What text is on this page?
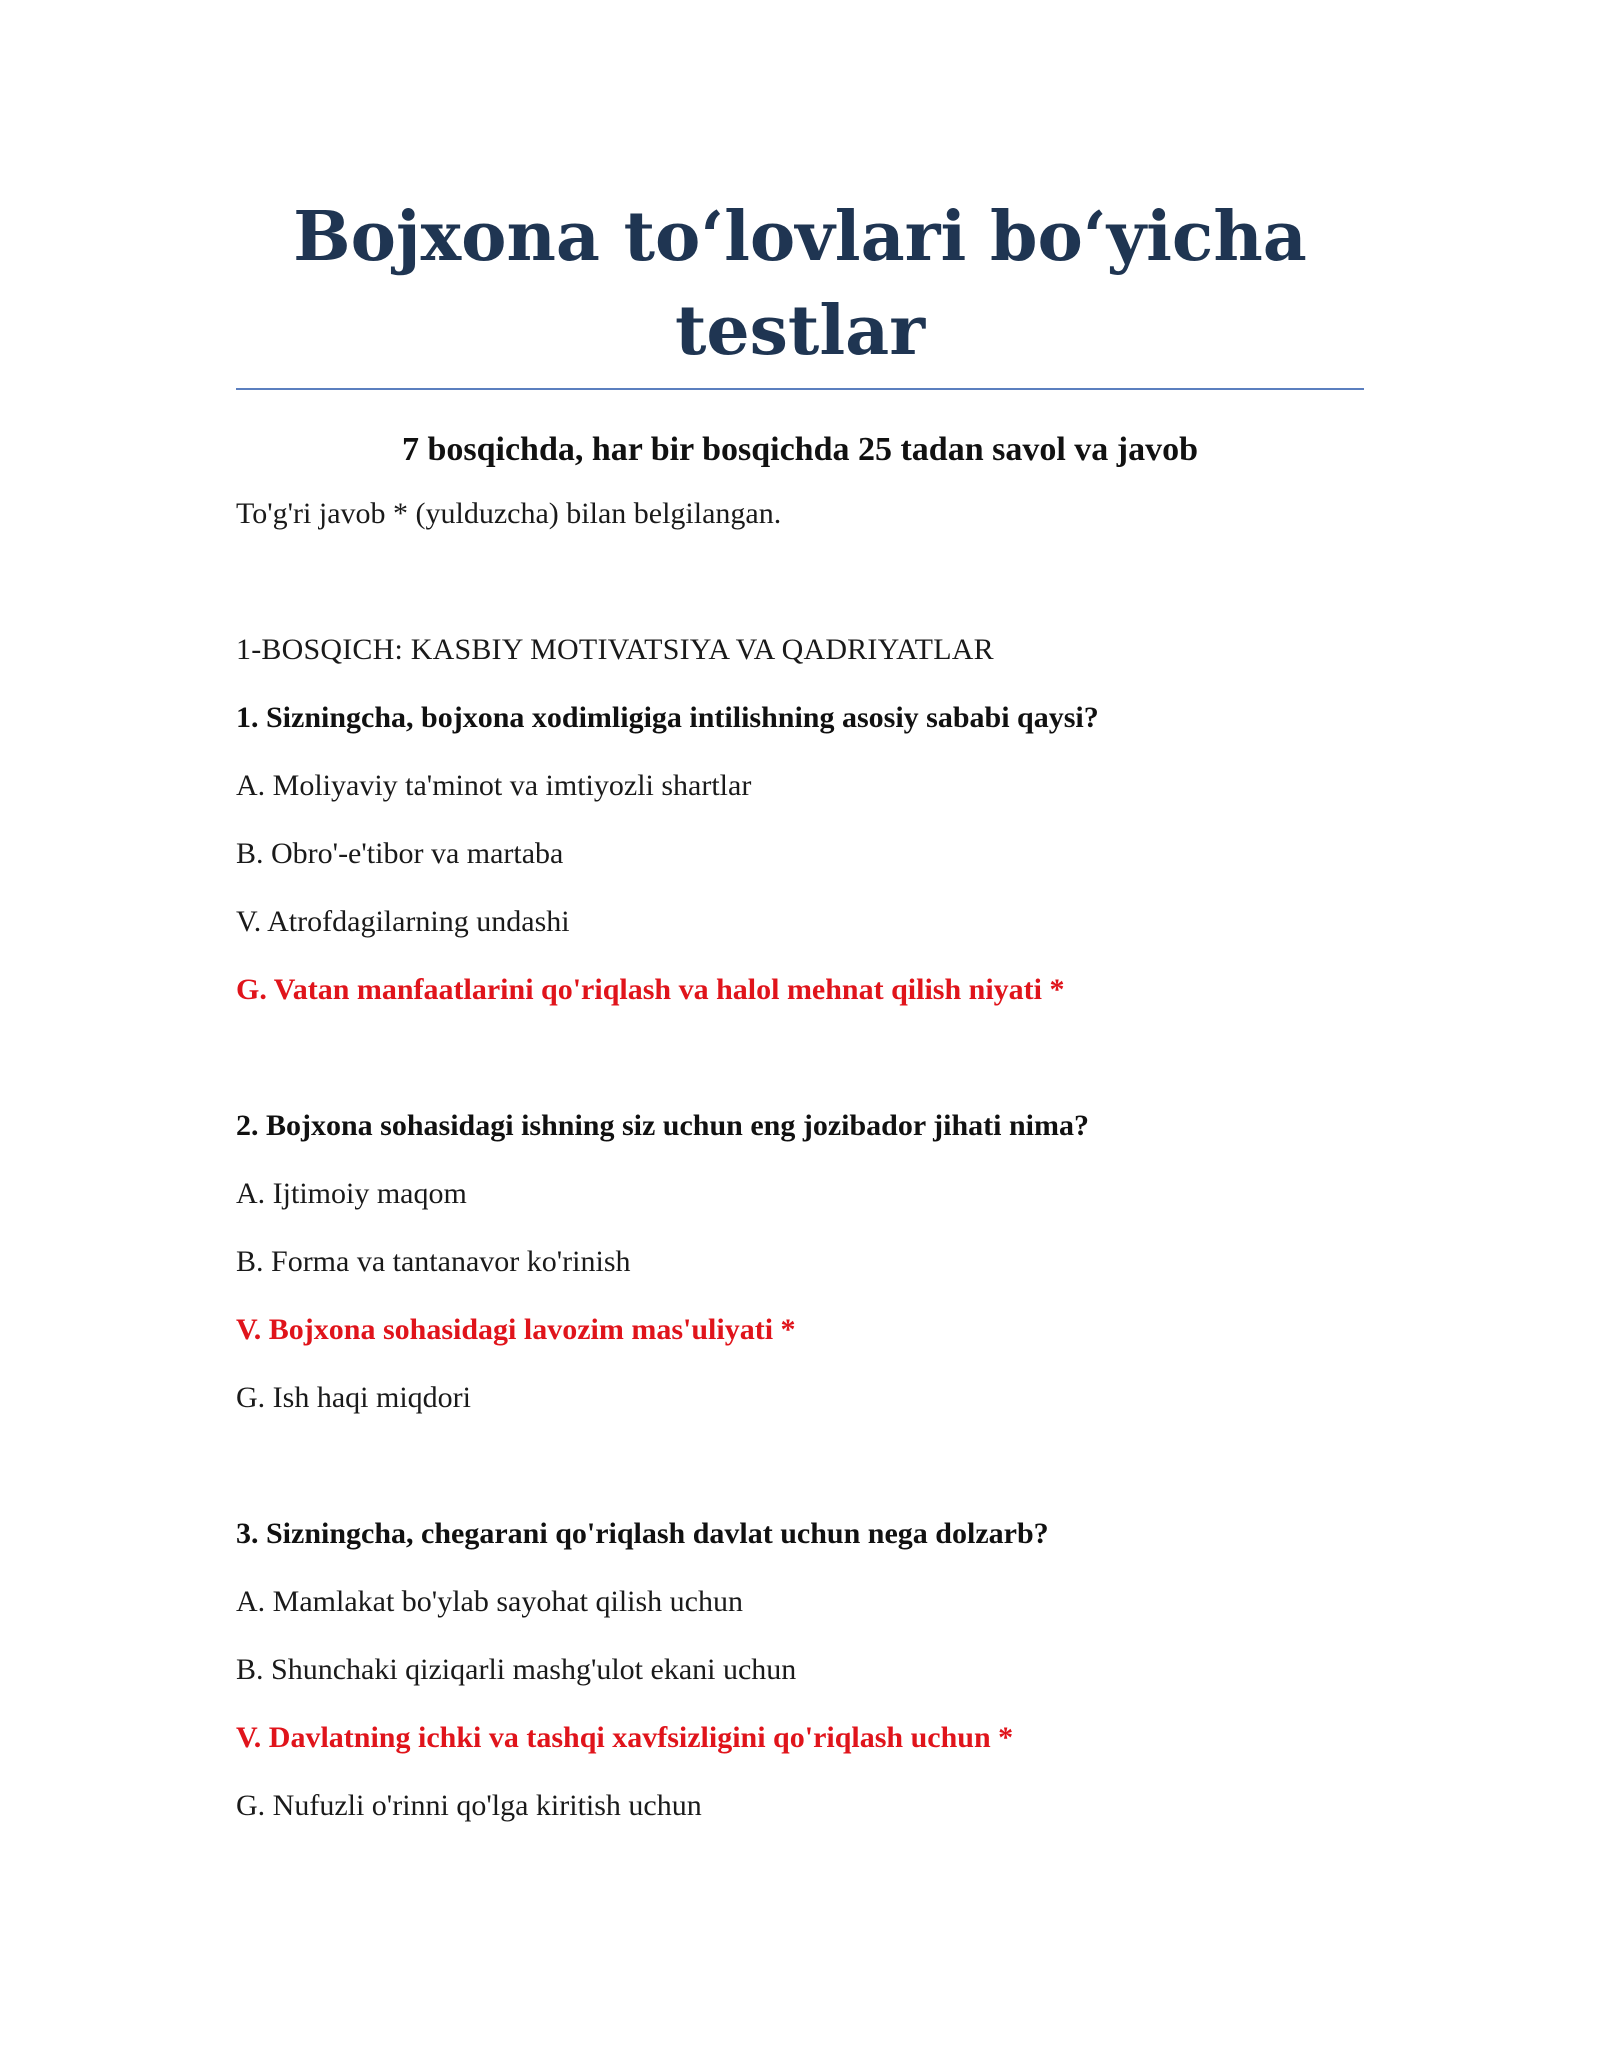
Bojxona to‘lovlari bo‘yicha testlar

7 bosqichda, har bir bosqichda 25 tadan savol va javob

To'g'ri javob * (yulduzcha) bilan belgilangan.

1-BOSQICH: KASBIY MOTIVATSIYA VA QADRIYATLAR

1. Sizningcha, bojxona xodimligiga intilishning asosiy sababi qaysi?

A. Moliyaviy ta'minot va imtiyozli shartlar

B. Obro'-e'tibor va martaba

V. Atrofdagilarning undashi

G. Vatan manfaatlarini qo'riqlash va halol mehnat qilish niyati *

2. Bojxona sohasidagi ishning siz uchun eng jozibador jihati nima?

A. Ijtimoiy maqom

B. Forma va tantanavor ko'rinish

V. Bojxona sohasidagi lavozim mas'uliyati *

G. Ish haqi miqdori

3. Sizningcha, chegarani qo'riqlash davlat uchun nega dolzarb?

A. Mamlakat bo'ylab sayohat qilish uchun

B. Shunchaki qiziqarli mashg'ulot ekani uchun

V. Davlatning ichki va tashqi xavfsizligini qo'riqlash uchun *

G. Nufuzli o'rinni qo'lga kiritish uchun
